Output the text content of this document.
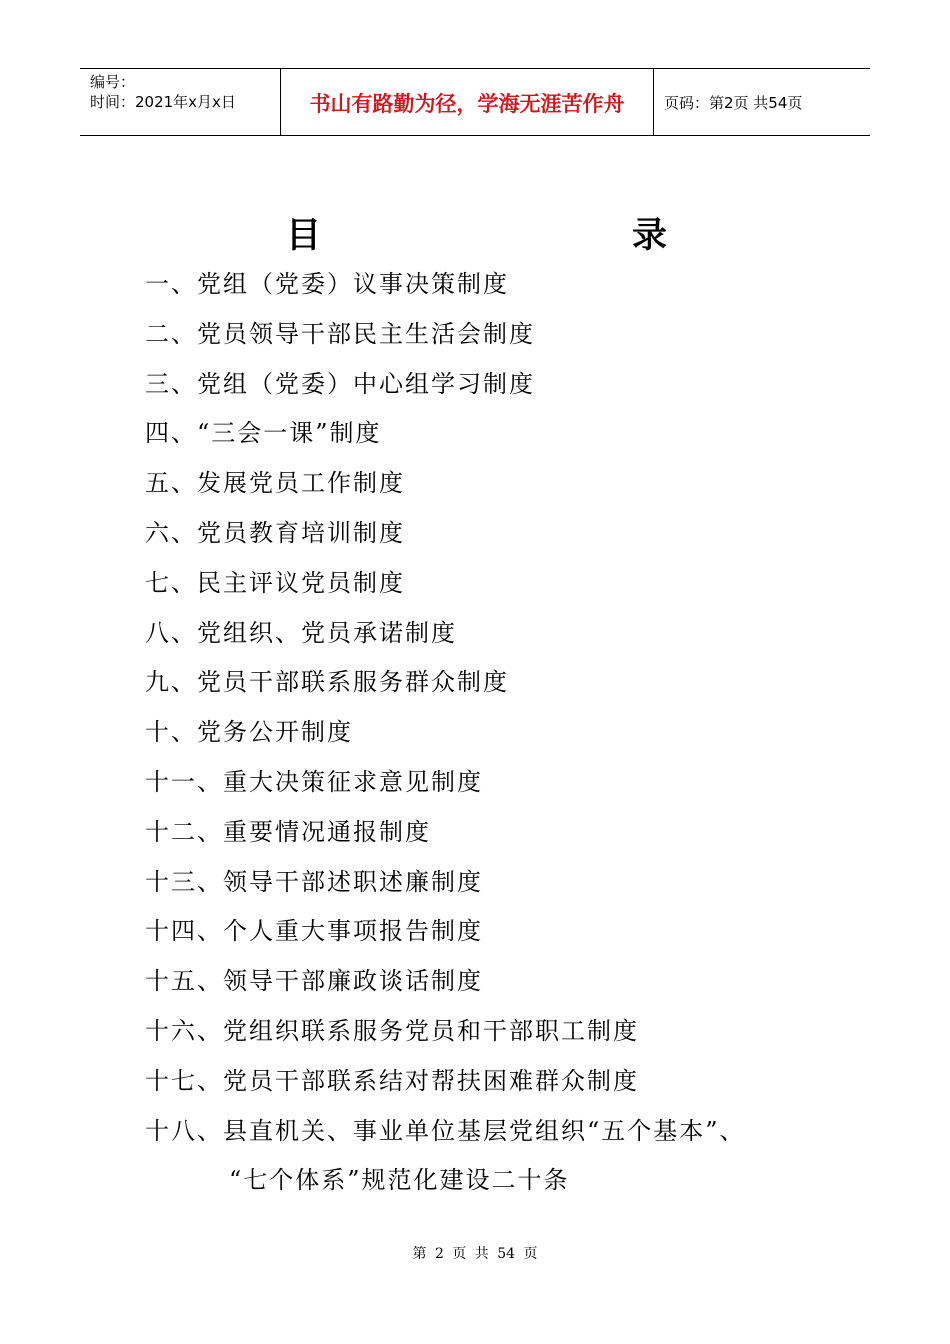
编号：
时间：2021年x月x日	书山有路勤为径，学海无涯苦作舟	页码：第2页 共54页
目	录
一、党组（党委）议事决策制度
二、党员领导干部民主生活会制度
三、党组（党委）中心组学习制度
四、“三会一课”制度
五、发展党员工作制度
六、党员教育培训制度
七、民主评议党员制度
八、党组织、党员承诺制度
九、党员干部联系服务群众制度
十、党务公开制度
十一、重大决策征求意见制度
十二、重要情况通报制度
十三、领导干部述职述廉制度
十四、个人重大事项报告制度
十五、领导干部廉政谈话制度
十六、党组织联系服务党员和干部职工制度
十七、党员干部联系结对帮扶困难群众制度
十八、县直机关、事业单位基层党组织“五个基本”、
“七个体系”规范化建设二十条
第 2 页 共 54 页
